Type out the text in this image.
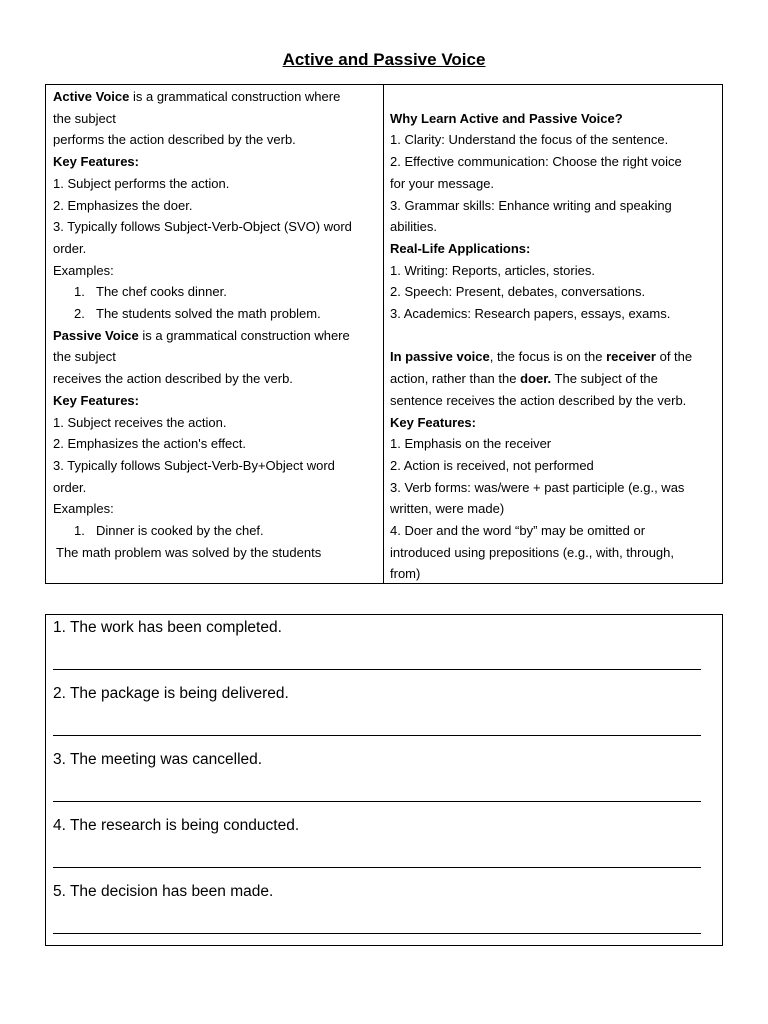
Active and Passive Voice
Active Voice is a grammatical construction where
the subject
performs the action described by the verb.
Key Features:
1. Subject performs the action.
2. Emphasizes the doer.
3. Typically follows Subject-Verb-Object (SVO) word
order.
Examples:
1. The chef cooks dinner.
2. The students solved the math problem.
Passive Voice is a grammatical construction where
the subject
receives the action described by the verb.
Key Features:
1. Subject receives the action.
2. Emphasizes the action's effect.
3. Typically follows Subject-Verb-By+Object word
order.
Examples:
1. Dinner is cooked by the chef.
The math problem was solved by the students
Why Learn Active and Passive Voice?
1. Clarity: Understand the focus of the sentence.
2. Effective communication: Choose the right voice
for your message.
3. Grammar skills: Enhance writing and speaking
abilities.
Real-Life Applications:
1. Writing: Reports, articles, stories.
2. Speech: Present, debates, conversations.
3. Academics: Research papers, essays, exams.
In passive voice, the focus is on the receiver of the
action, rather than the doer. The subject of the
sentence receives the action described by the verb.
Key Features:
1. Emphasis on the receiver
2. Action is received, not performed
3. Verb forms: was/were + past participle (e.g., was
written, were made)
4. Doer and the word “by” may be omitted or
introduced using prepositions (e.g., with, through,
from)
1. The work has been completed.
2. The package is being delivered.
3. The meeting was cancelled.
4. The research is being conducted.
5. The decision has been made.
